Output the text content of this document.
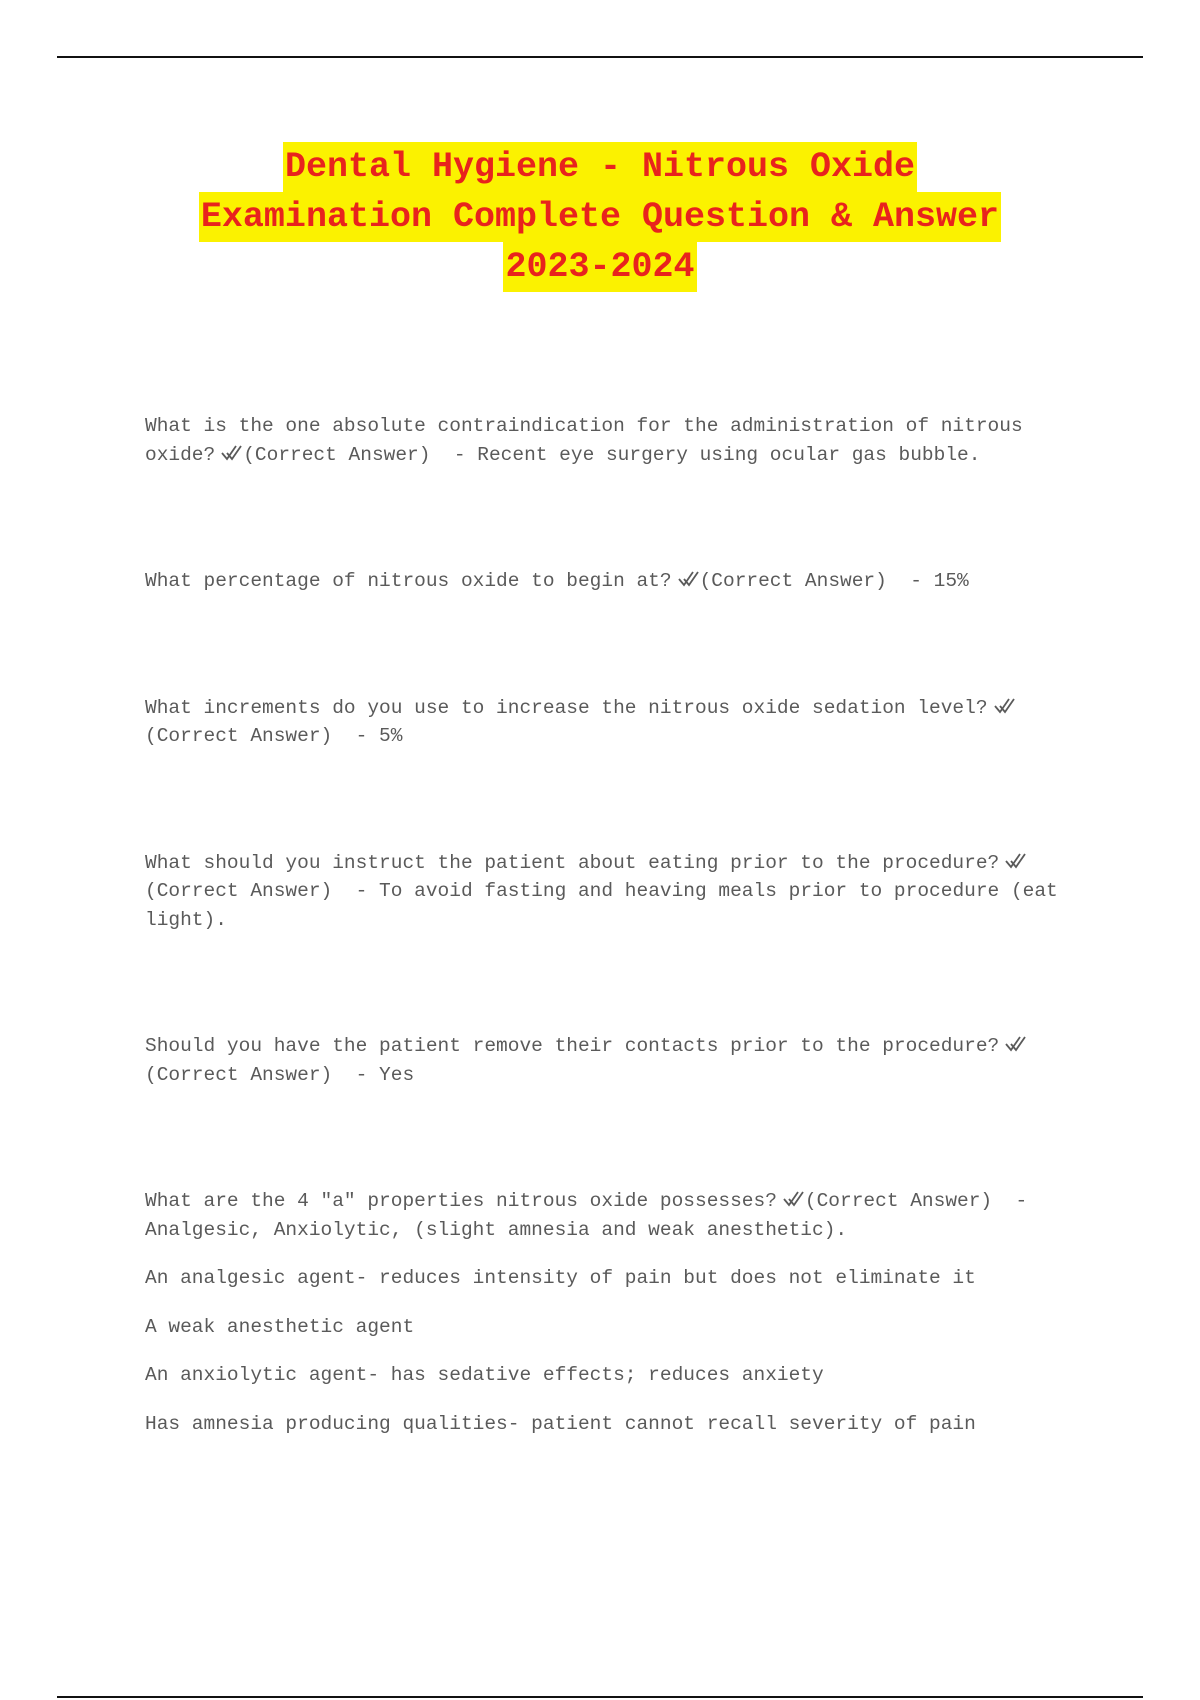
Dental Hygiene - Nitrous Oxide
Examination Complete Question & Answer
2023-2024

What is the one absolute contraindication for the administration of nitrous oxide? (Correct Answer) - Recent eye surgery using ocular gas bubble.

What percentage of nitrous oxide to begin at? (Correct Answer) - 15%

What increments do you use to increase the nitrous oxide sedation level?
(Correct Answer) - 5%

What should you instruct the patient about eating prior to the procedure?
(Correct Answer) - To avoid fasting and heaving meals prior to procedure (eat light).

Should you have the patient remove their contacts prior to the procedure?
(Correct Answer) - Yes

What are the 4 "a" properties nitrous oxide possesses? (Correct Answer) - Analgesic, Anxiolytic, (slight amnesia and weak anesthetic).

An analgesic agent- reduces intensity of pain but does not eliminate it

A weak anesthetic agent

An anxiolytic agent- has sedative effects; reduces anxiety

Has amnesia producing qualities- patient cannot recall severity of pain
